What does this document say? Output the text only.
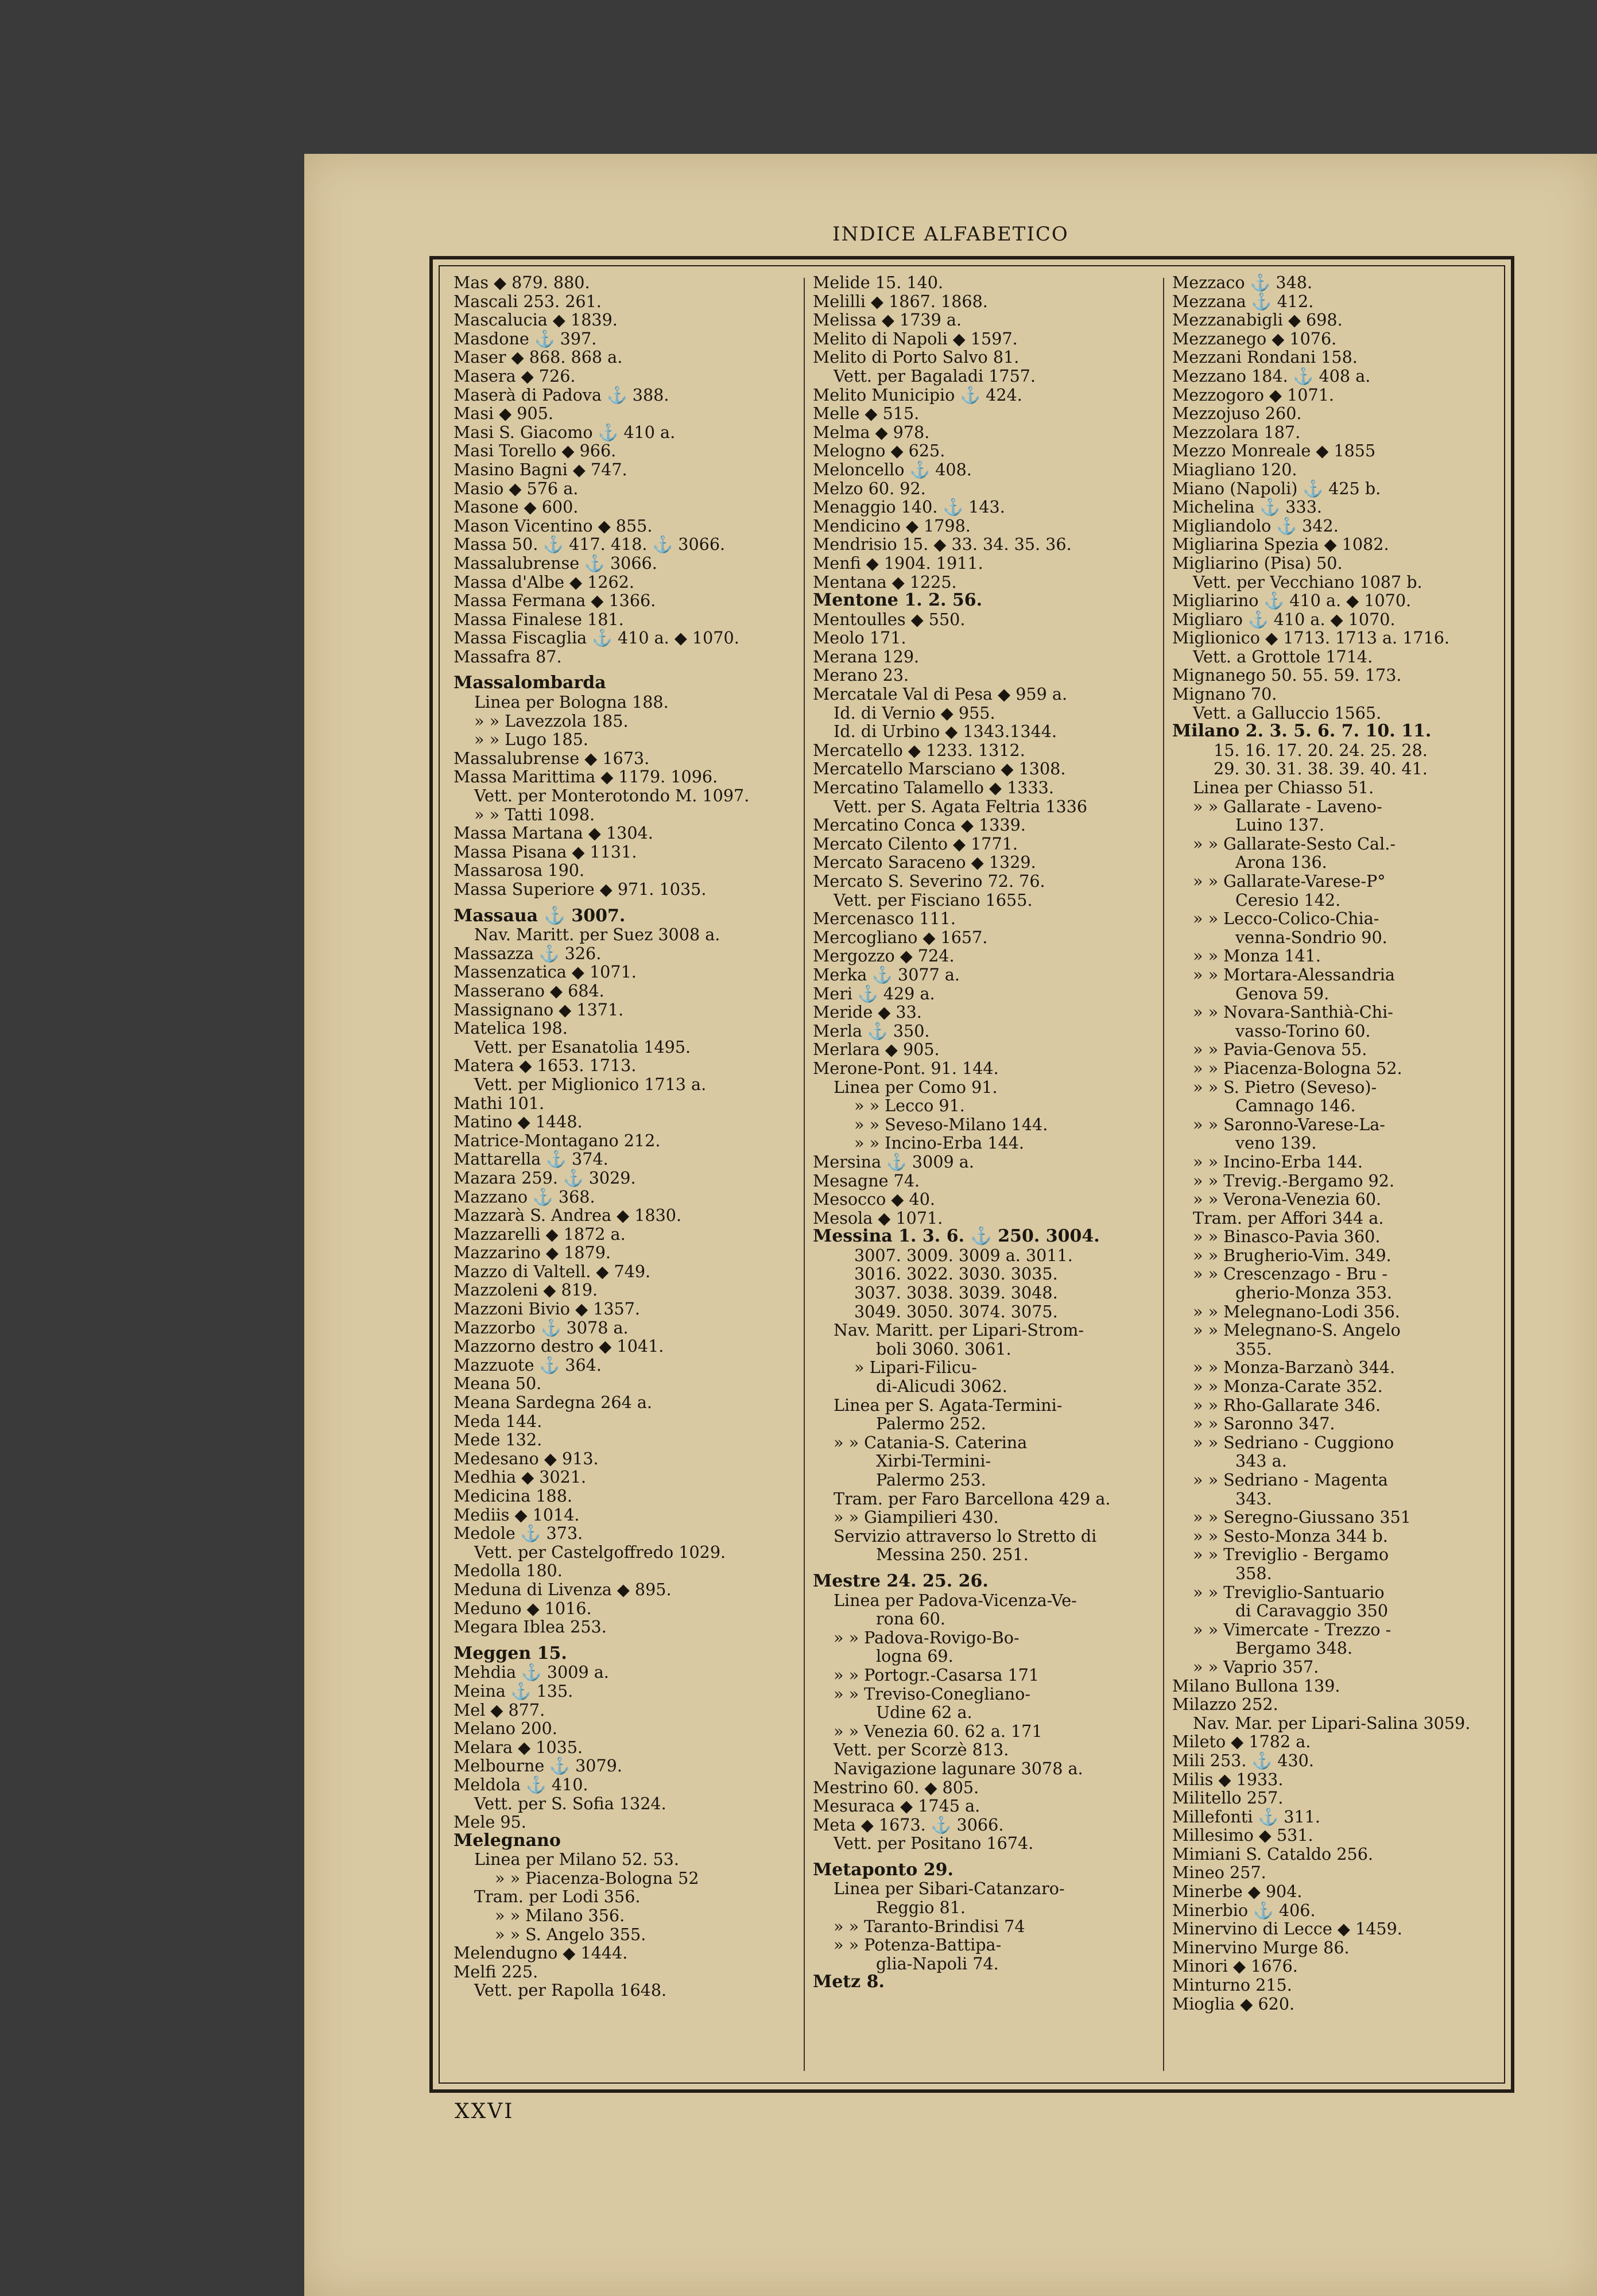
INDICE ALFABETICO
Mas ◆ 879. 880.
Mascali 253. 261.
Mascalucia ◆ 1839.
Masdone ⚓ 397.
Maser ◆ 868. 868 a.
Masera ◆ 726.
Maserà di Padova ⚓ 388.
Masi ◆ 905.
Masi S. Giacomo ⚓ 410 a.
Masi Torello ◆ 966.
Masino Bagni ◆ 747.
Masio ◆ 576 a.
Masone ◆ 600.
Mason Vicentino ◆ 855.
Massa 50. ⚓ 417. 418. ⚓ 3066.
Massalubrense ⚓ 3066.
Massa d'Albe ◆ 1262.
Massa Fermana ◆ 1366.
Massa Finalese 181.
Massa Fiscaglia ⚓ 410 a. ◆ 1070.
Massafra 87.
Massalombarda
Linea per Bologna 188.
» » Lavezzola 185.
» » Lugo 185.
Massalubrense ◆ 1673.
Massa Marittima ◆ 1179. 1096.
Vett. per Monterotondo M. 1097.
» » Tatti 1098.
Massa Martana ◆ 1304.
Massa Pisana ◆ 1131.
Massarosa 190.
Massa Superiore ◆ 971. 1035.
Massaua ⚓ 3007.
Nav. Maritt. per Suez 3008 a.
Massazza ⚓ 326.
Massenzatica ◆ 1071.
Masserano ◆ 684.
Massignano ◆ 1371.
Matelica 198.
Vett. per Esanatolia 1495.
Matera ◆ 1653. 1713.
Vett. per Miglionico 1713 a.
Mathi 101.
Matino ◆ 1448.
Matrice-Montagano 212.
Mattarella ⚓ 374.
Mazara 259. ⚓ 3029.
Mazzano ⚓ 368.
Mazzarà S. Andrea ◆ 1830.
Mazzarelli ◆ 1872 a.
Mazzarino ◆ 1879.
Mazzo di Valtell. ◆ 749.
Mazzoleni ◆ 819.
Mazzoni Bivio ◆ 1357.
Mazzorbo ⚓ 3078 a.
Mazzorno destro ◆ 1041.
Mazzuote ⚓ 364.
Meana 50.
Meana Sardegna 264 a.
Meda 144.
Mede 132.
Medesano ◆ 913.
Medhia ◆ 3021.
Medicina 188.
Mediis ◆ 1014.
Medole ⚓ 373.
Vett. per Castelgoffredo 1029.
Medolla 180.
Meduna di Livenza ◆ 895.
Meduno ◆ 1016.
Megara Iblea 253.
Meggen 15.
Mehdia ⚓ 3009 a.
Meina ⚓ 135.
Mel ◆ 877.
Melano 200.
Melara ◆ 1035.
Melbourne ⚓ 3079.
Meldola ⚓ 410.
Vett. per S. Sofia 1324.
Mele 95.
Melegnano
Linea per Milano 52. 53.
» » Piacenza-Bologna 52
Tram. per Lodi 356.
» » Milano 356.
» » S. Angelo 355.
Melendugno ◆ 1444.
Melfi 225.
Vett. per Rapolla 1648.
Melide 15. 140.
Melilli ◆ 1867. 1868.
Melissa ◆ 1739 a.
Melito di Napoli ◆ 1597.
Melito di Porto Salvo 81.
Vett. per Bagaladi 1757.
Melito Municipio ⚓ 424.
Melle ◆ 515.
Melma ◆ 978.
Melogno ◆ 625.
Meloncello ⚓ 408.
Melzo 60. 92.
Menaggio 140. ⚓ 143.
Mendicino ◆ 1798.
Mendrisio 15. ◆ 33. 34. 35. 36.
Menfi ◆ 1904. 1911.
Mentana ◆ 1225.
Mentone 1. 2. 56.
Mentoulles ◆ 550.
Meolo 171.
Merana 129.
Merano 23.
Mercatale Val di Pesa ◆ 959 a.
Id. di Vernio ◆ 955.
Id. di Urbino ◆ 1343.1344.
Mercatello ◆ 1233. 1312.
Mercatello Marsciano ◆ 1308.
Mercatino Talamello ◆ 1333.
Vett. per S. Agata Feltria 1336
Mercatino Conca ◆ 1339.
Mercato Cilento ◆ 1771.
Mercato Saraceno ◆ 1329.
Mercato S. Severino 72. 76.
Vett. per Fisciano 1655.
Mercenasco 111.
Mercogliano ◆ 1657.
Mergozzo ◆ 724.
Merka ⚓ 3077 a.
Meri ⚓ 429 a.
Meride ◆ 33.
Merla ⚓ 350.
Merlara ◆ 905.
Merone-Pont. 91. 144.
Linea per Como 91.
» » Lecco 91.
» » Seveso-Milano 144.
» » Incino-Erba 144.
Mersina ⚓ 3009 a.
Mesagne 74.
Mesocco ◆ 40.
Mesola ◆ 1071.
Messina 1. 3. 6. ⚓ 250. 3004.
3007. 3009. 3009 a. 3011.
3016. 3022. 3030. 3035.
3037. 3038. 3039. 3048.
3049. 3050. 3074. 3075.
Nav. Maritt. per Lipari-Strom-
boli 3060. 3061.
» Lipari-Filicu-
di-Alicudi 3062.
Linea per S. Agata-Termini-
Palermo 252.
» » Catania-S. Caterina
Xirbi-Termini-
Palermo 253.
Tram. per Faro Barcellona 429 a.
» » Giampilieri 430.
Servizio attraverso lo Stretto di
Messina 250. 251.
Mestre 24. 25. 26.
Linea per Padova-Vicenza-Ve-
rona 60.
» » Padova-Rovigo-Bo-
logna 69.
» » Portogr.-Casarsa 171
» » Treviso-Conegliano-
Udine 62 a.
» » Venezia 60. 62 a. 171
Vett. per Scorzè 813.
Navigazione lagunare 3078 a.
Mestrino 60. ◆ 805.
Mesuraca ◆ 1745 a.
Meta ◆ 1673. ⚓ 3066.
Vett. per Positano 1674.
Metaponto 29.
Linea per Sibari-Catanzaro-
Reggio 81.
» » Taranto-Brindisi 74
» » Potenza-Battipa-
glia-Napoli 74.
Metz 8.
Mezzaco ⚓ 348.
Mezzana ⚓ 412.
Mezzanabigli ◆ 698.
Mezzanego ◆ 1076.
Mezzani Rondani 158.
Mezzano 184. ⚓ 408 a.
Mezzogoro ◆ 1071.
Mezzojuso 260.
Mezzolara 187.
Mezzo Monreale ◆ 1855
Miagliano 120.
Miano (Napoli) ⚓ 425 b.
Michelina ⚓ 333.
Migliandolo ⚓ 342.
Migliarina Spezia ◆ 1082.
Migliarino (Pisa) 50.
Vett. per Vecchiano 1087 b.
Migliarino ⚓ 410 a. ◆ 1070.
Migliaro ⚓ 410 a. ◆ 1070.
Miglionico ◆ 1713. 1713 a. 1716.
Vett. a Grottole 1714.
Mignanego 50. 55. 59. 173.
Mignano 70.
Vett. a Galluccio 1565.
Milano 2. 3. 5. 6. 7. 10. 11.
15. 16. 17. 20. 24. 25. 28.
29. 30. 31. 38. 39. 40. 41.
Linea per Chiasso 51.
» » Gallarate - Laveno-
Luino 137.
» » Gallarate-Sesto Cal.-
Arona 136.
» » Gallarate-Varese-P°
Ceresio 142.
» » Lecco-Colico-Chia-
venna-Sondrio 90.
» » Monza 141.
» » Mortara-Alessandria
Genova 59.
» » Novara-Santhià-Chi-
vasso-Torino 60.
» » Pavia-Genova 55.
» » Piacenza-Bologna 52.
» » S. Pietro (Seveso)-
Camnago 146.
» » Saronno-Varese-La-
veno 139.
» » Incino-Erba 144.
» » Trevig.-Bergamo 92.
» » Verona-Venezia 60.
Tram. per Affori 344 a.
» » Binasco-Pavia 360.
» » Brugherio-Vim. 349.
» » Crescenzago - Bru -
gherio-Monza 353.
» » Melegnano-Lodi 356.
» » Melegnano-S. Angelo
355.
» » Monza-Barzanò 344.
» » Monza-Carate 352.
» » Rho-Gallarate 346.
» » Saronno 347.
» » Sedriano - Cuggiono
343 a.
» » Sedriano - Magenta
343.
» » Seregno-Giussano 351
» » Sesto-Monza 344 b.
» » Treviglio - Bergamo
358.
» » Treviglio-Santuario
di Caravaggio 350
» » Vimercate - Trezzo -
Bergamo 348.
» » Vaprio 357.
Milano Bullona 139.
Milazzo 252.
Nav. Mar. per Lipari-Salina 3059.
Mileto ◆ 1782 a.
Mili 253. ⚓ 430.
Milis ◆ 1933.
Militello 257.
Millefonti ⚓ 311.
Millesimo ◆ 531.
Mimiani S. Cataldo 256.
Mineo 257.
Minerbe ◆ 904.
Minerbio ⚓ 406.
Minervino di Lecce ◆ 1459.
Minervino Murge 86.
Minori ◆ 1676.
Minturno 215.
Mioglia ◆ 620.
XXVI
